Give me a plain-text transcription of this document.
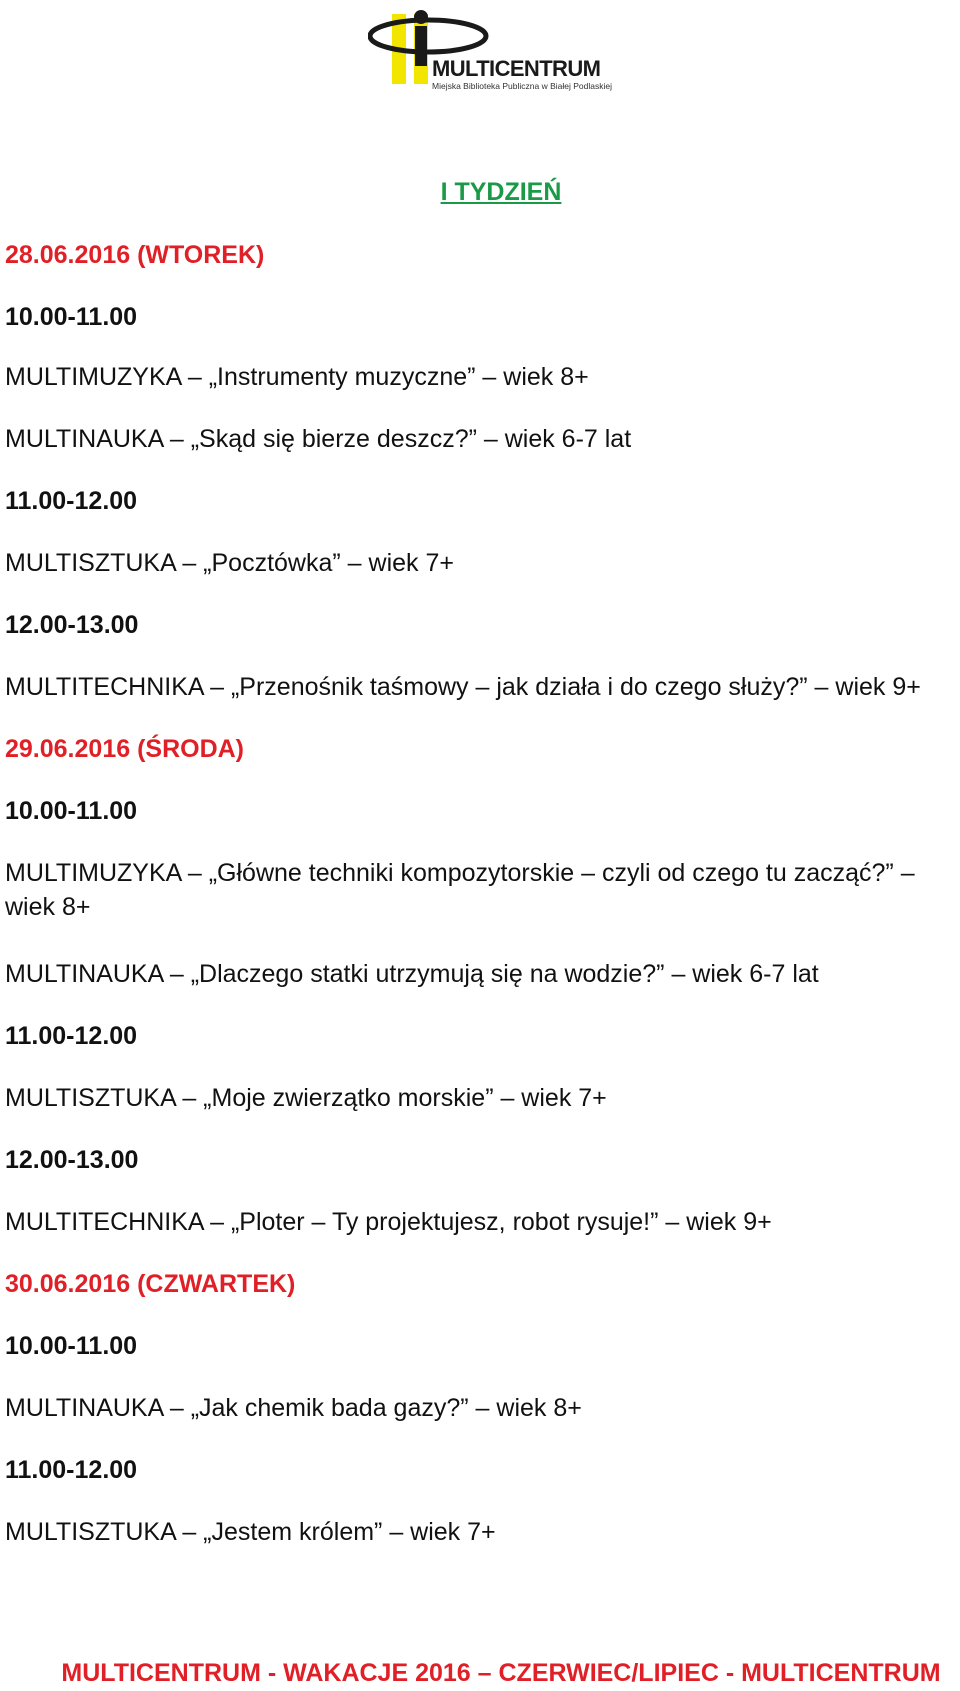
MULTICENTRUM
Miejska Biblioteka Publiczna w Białej Podlaskiej
I TYDZIEŃ

28.06.2016 (WTOREK)

10.00-11.00

MULTIMUZYKA – „Instrumenty muzyczne” – wiek 8+

MULTINAUKA – „Skąd się bierze deszcz?” – wiek 6-7 lat

11.00-12.00

MULTISZTUKA – „Pocztówka” – wiek 7+

12.00-13.00

MULTITECHNIKA – „Przenośnik taśmowy – jak działa i do czego służy?” – wiek 9+

29.06.2016 (ŚRODA)

10.00-11.00

MULTIMUZYKA – „Główne techniki kompozytorskie – czyli od czego tu zacząć?” – wiek 8+

MULTINAUKA – „Dlaczego statki utrzymują się na wodzie?” – wiek 6-7 lat

11.00-12.00

MULTISZTUKA – „Moje zwierzątko morskie” – wiek 7+

12.00-13.00

MULTITECHNIKA – „Ploter – Ty projektujesz, robot rysuje!” – wiek 9+

30.06.2016 (CZWARTEK)

10.00-11.00

MULTINAUKA – „Jak chemik bada gazy?” – wiek 8+

11.00-12.00

MULTISZTUKA – „Jestem królem” – wiek 7+

MULTICENTRUM - WAKACJE 2016 – CZERWIEC/LIPIEC - MULTICENTRUM
